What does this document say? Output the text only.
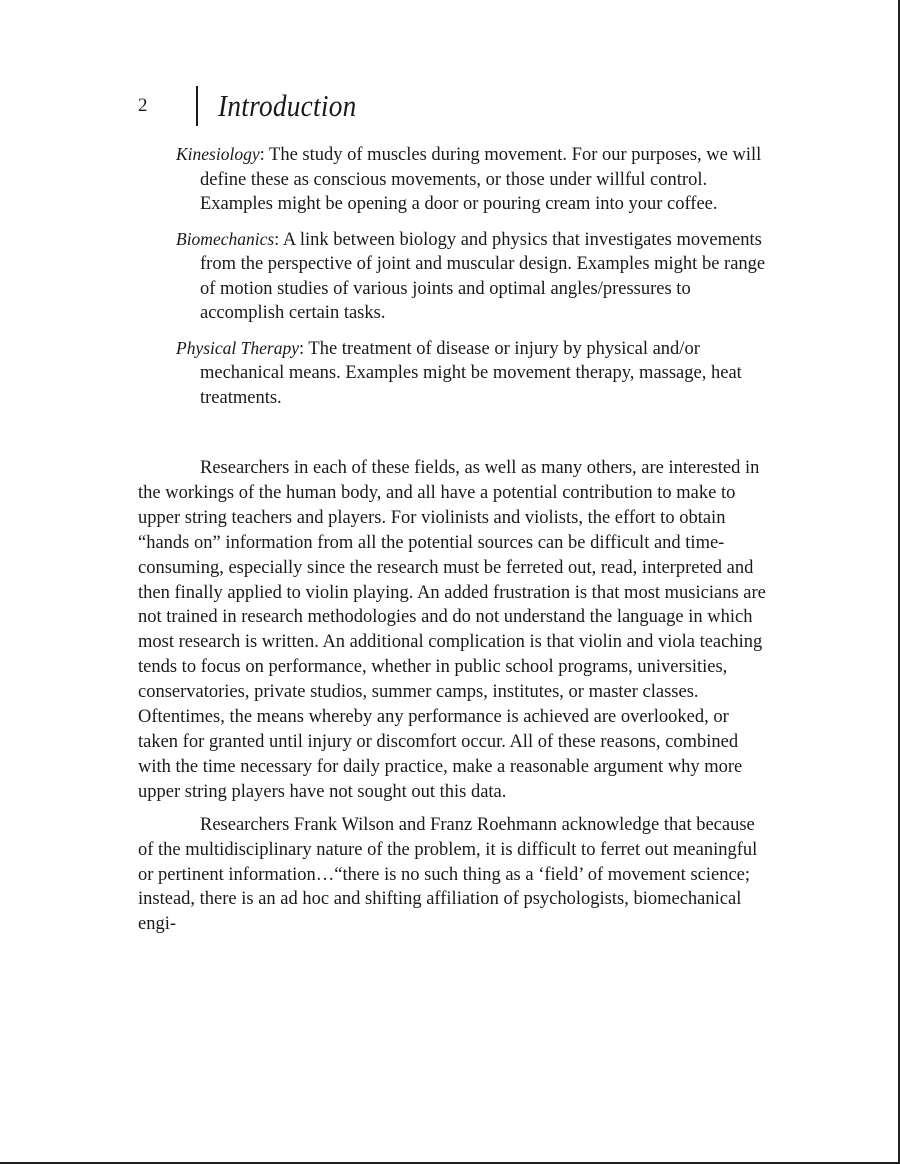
2	Introduction

Kinesiology: The study of muscles during movement. For our purposes, we will define these as conscious movements, or those under willful control. Examples might be opening a door or pouring cream into your coffee.

Biomechanics: A link between biology and physics that investigates movements from the perspective of joint and muscular design. Examples might be range of motion studies of various joints and optimal angles/pressures to accomplish certain tasks.

Physical Therapy: The treatment of disease or injury by physical and/or mechanical means. Examples might be movement therapy, massage, heat treatments.

Researchers in each of these fields, as well as many others, are interested in the workings of the human body, and all have a potential contribution to make to upper string teachers and players. For violinists and violists, the effort to obtain “hands on” information from all the potential sources can be difficult and time-consuming, especially since the research must be ferreted out, read, interpreted and then finally applied to violin playing. An added frustration is that most musicians are not trained in research methodologies and do not understand the language in which most research is written. An additional complication is that violin and viola teaching tends to focus on performance, whether in public school programs, universities, conservatories, private studios, summer camps, institutes, or master classes. Oftentimes, the means whereby any performance is achieved are overlooked, or taken for granted until injury or discomfort occur. All of these reasons, combined with the time necessary for daily practice, make a reasonable argument why more upper string players have not sought out this data.

Researchers Frank Wilson and Franz Roehmann acknowledge that because of the multidisciplinary nature of the problem, it is difficult to ferret out meaningful or pertinent information…“there is no such thing as a ‘field’ of movement science; instead, there is an ad hoc and shifting affiliation of psychologists, biomechanical engi-
